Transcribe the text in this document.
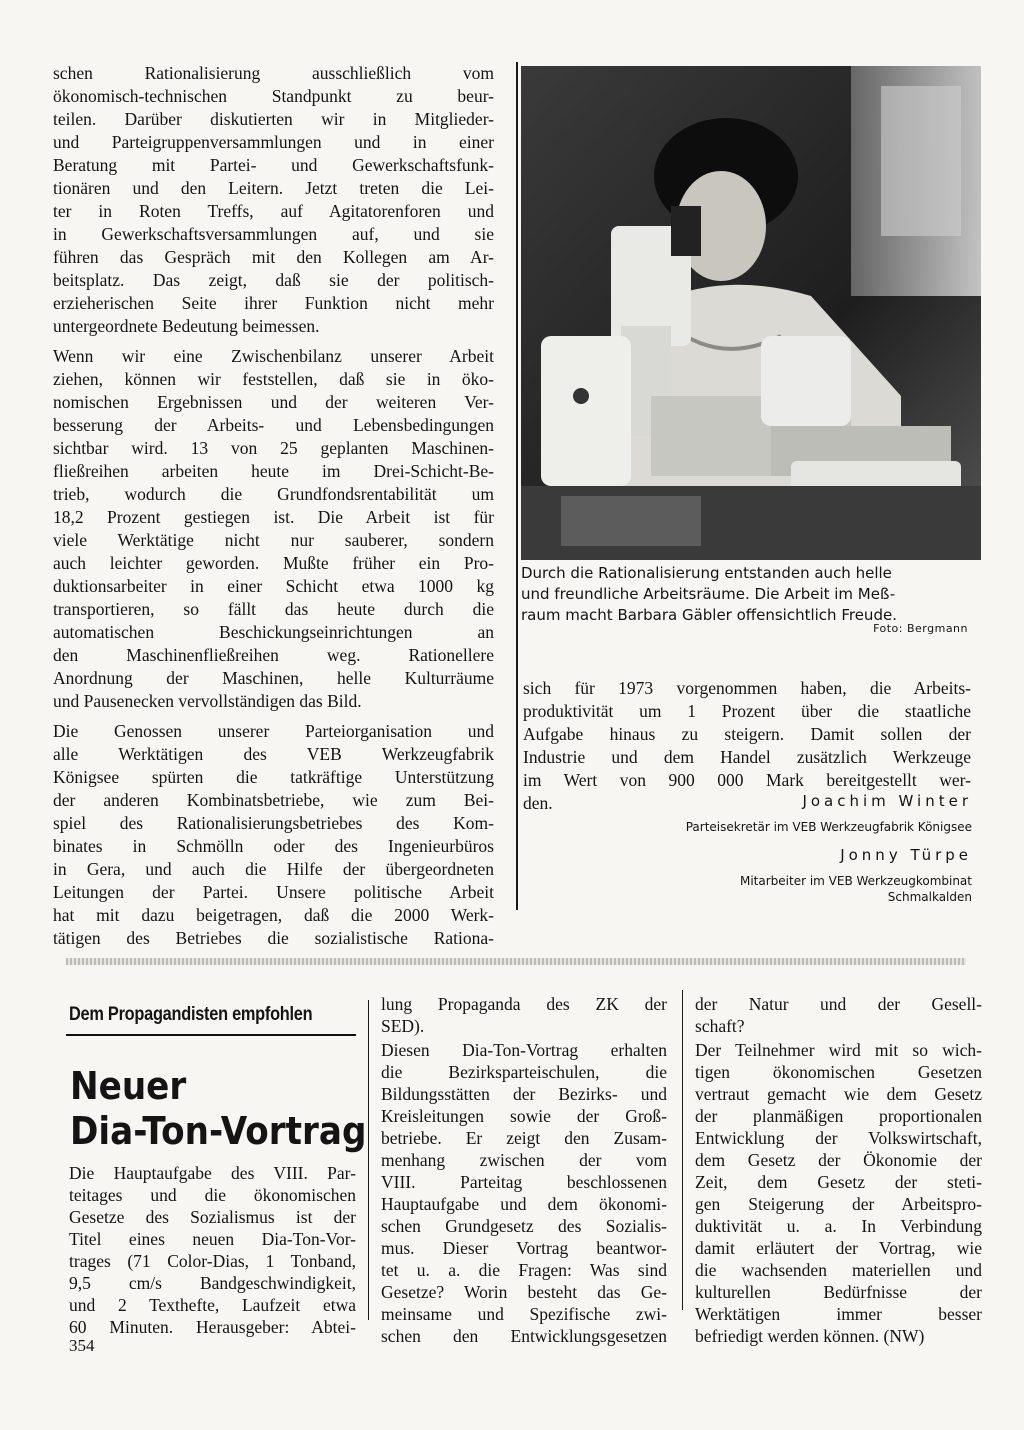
schen Rationalisierung ausschließlich vom
ökonomisch-technischen Standpunkt zu beur-
teilen. Darüber diskutierten wir in Mitglieder-
und Parteigruppenversammlungen und in einer
Beratung mit Partei- und Gewerkschaftsfunk-
tionären und den Leitern. Jetzt treten die Lei-
ter in Roten Treffs, auf Agitatorenforen und
in Gewerkschaftsversammlungen auf, und sie
führen das Gespräch mit den Kollegen am Ar-
beitsplatz. Das zeigt, daß sie der politisch-
erzieherischen Seite ihrer Funktion nicht mehr
untergeordnete Bedeutung beimessen.
Wenn wir eine Zwischenbilanz unserer Arbeit
ziehen, können wir feststellen, daß sie in öko-
nomischen Ergebnissen und der weiteren Ver-
besserung der Arbeits- und Lebensbedingungen
sichtbar wird. 13 von 25 geplanten Maschinen-
fließreihen arbeiten heute im Drei-Schicht-Be-
trieb, wodurch die Grundfondsrentabilität um
18,2 Prozent gestiegen ist. Die Arbeit ist für
viele Werktätige nicht nur sauberer, sondern
auch leichter geworden. Mußte früher ein Pro-
duktionsarbeiter in einer Schicht etwa 1000 kg
transportieren, so fällt das heute durch die
automatischen Beschickungseinrichtungen an
den Maschinenfließreihen weg. Rationellere
Anordnung der Maschinen, helle Kulturräume
und Pausenecken vervollständigen das Bild.
Die Genossen unserer Parteiorganisation und
alle Werktätigen des VEB Werkzeugfabrik
Königsee spürten die tatkräftige Unterstützung
der anderen Kombinatsbetriebe, wie zum Bei-
spiel des Rationalisierungsbetriebes des Kom-
binates in Schmölln oder des Ingenieurbüros
in Gera, und auch die Hilfe der übergeordneten
Leitungen der Partei. Unsere politische Arbeit
hat mit dazu beigetragen, daß die 2000 Werk-
tätigen des Betriebes die sozialistische Rationa-
Durch die Rationalisierung entstanden auch helle
und freundliche Arbeitsräume. Die Arbeit im Meß-
raum macht Barbara Gäbler offensichtlich Freude.
Foto: Bergmann
sich für 1973 vorgenommen haben, die Arbeits-
produktivität um 1 Prozent über die staatliche
Aufgabe hinaus zu steigern. Damit sollen der
Industrie und dem Handel zusätzlich Werkzeuge
im Wert von 900 000 Mark bereitgestellt wer-
den.	Joachim Winter
Parteisekretär im VEB Werkzeugfabrik Königsee
Jonny Türpe
Mitarbeiter im VEB Werkzeugkombinat
Schmalkalden
Dem Propagandisten empfohlen
Neuer
Dia-Ton-Vortrag
Die Hauptaufgabe des VIII. Par-
teitages und die ökonomischen
Gesetze des Sozialismus ist der
Titel eines neuen Dia-Ton-Vor-
trages (71 Color-Dias, 1 Tonband,
9,5 cm/s Bandgeschwindigkeit,
und 2 Texthefte, Laufzeit etwa
60 Minuten. Herausgeber: Abtei-
lung Propaganda des ZK der
SED).
Diesen Dia-Ton-Vortrag erhalten
die Bezirksparteischulen, die
Bildungsstätten der Bezirks- und
Kreisleitungen sowie der Groß-
betriebe. Er zeigt den Zusam-
menhang zwischen der vom
VIII. Parteitag beschlossenen
Hauptaufgabe und dem ökonomi-
schen Grundgesetz des Sozialis-
mus. Dieser Vortrag beantwor-
tet u. a. die Fragen: Was sind
Gesetze? Worin besteht das Ge-
meinsame und Spezifische zwi-
schen den Entwicklungsgesetzen
der Natur und der Gesell-
schaft?
Der Teilnehmer wird mit so wich-
tigen ökonomischen Gesetzen
vertraut gemacht wie dem Gesetz
der planmäßigen proportionalen
Entwicklung der Volkswirtschaft,
dem Gesetz der Ökonomie der
Zeit, dem Gesetz der steti-
gen Steigerung der Arbeitspro-
duktivität u. a. In Verbindung
damit erläutert der Vortrag, wie
die wachsenden materiellen und
kulturellen Bedürfnisse der
Werktätigen immer besser
befriedigt werden können. (NW)
354
